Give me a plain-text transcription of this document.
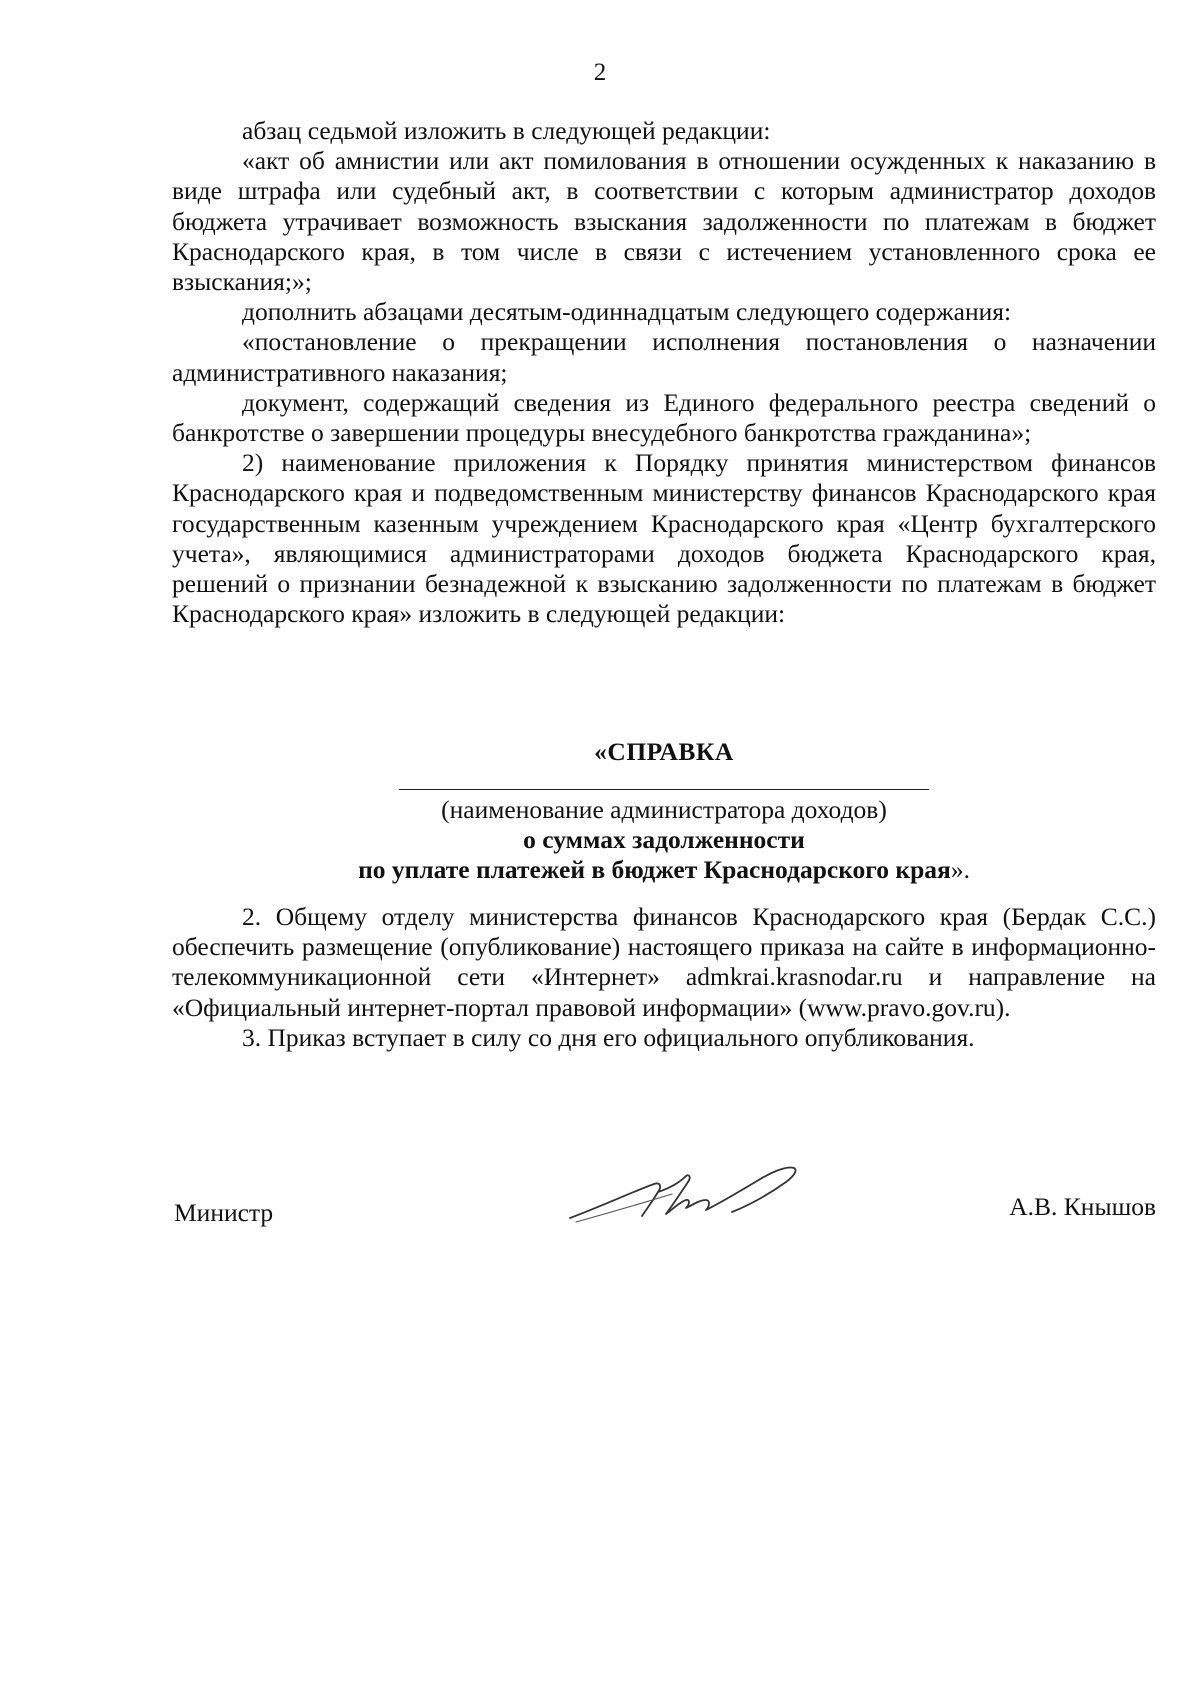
2

абзац седьмой изложить в следующей редакции:

«акт об амнистии или акт помилования в отношении осужденных к наказанию в виде штрафа или судебный акт, в соответствии с которым администратор доходов бюджета утрачивает возможность взыскания задолженности по платежам в бюджет Краснодарского края, в том числе в связи с истечением установленного срока ее взыскания;»;

дополнить абзацами десятым-одиннадцатым следующего содержания:

«постановление о прекращении исполнения постановления о назначении административного наказания;

документ, содержащий сведения из Единого федерального реестра сведений о банкротстве о завершении процедуры внесудебного банкротства гражданина»;

2) наименование приложения к Порядку принятия министерством финансов Краснодарского края и подведомственным министерству финансов Краснодарского края государственным казенным учреждением Краснодарского края «Центр бухгалтерского учета», являющимися администраторами доходов бюджета Краснодарского края, решений о признании безнадежной к взысканию задолженности по платежам в бюджет Краснодарского края» изложить в следующей редакции:

«СПРАВКА
(наименование администратора доходов)
о суммах задолженности
по уплате платежей в бюджет Краснодарского края».

2. Общему отделу министерства финансов Краснодарского края (Бердак С.С.) обеспечить размещение (опубликование) настоящего приказа на сайте в информационно-телекоммуникационной сети «Интернет» admkrai.krasnodar.ru и направление на «Официальный интернет-портал правовой информации» (www.pravo.gov.ru).

3. Приказ вступает в силу со дня его официального опубликования.

Министр	А.В. Кнышов
